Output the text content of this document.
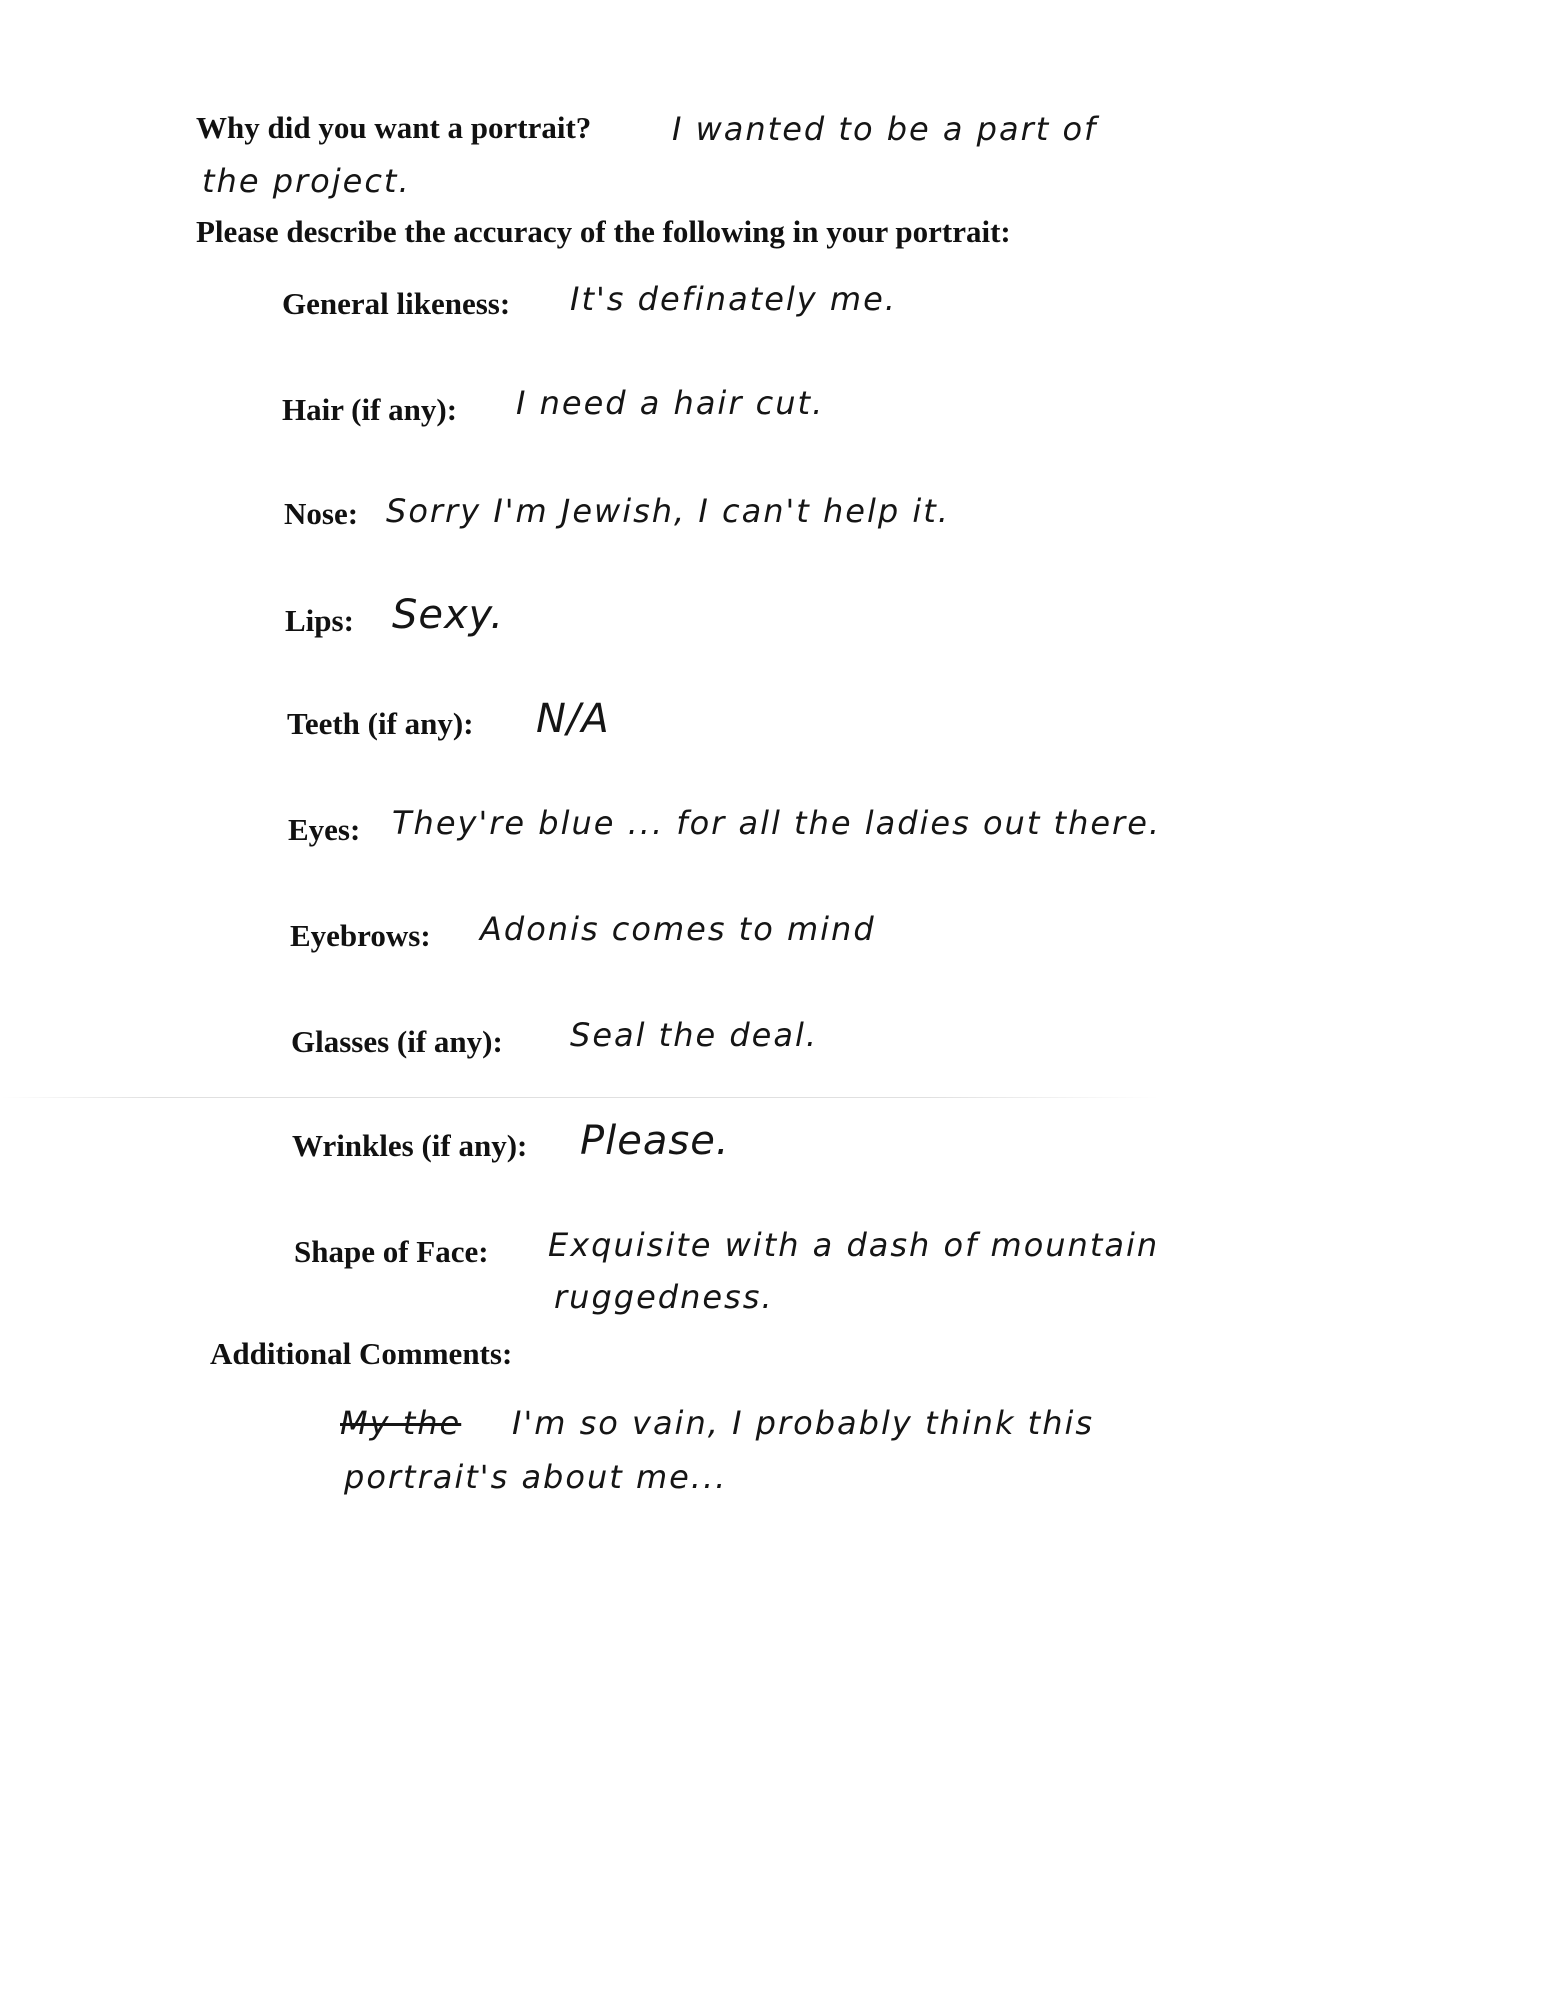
Why did you want a portrait?	I wanted to be a part of
the project.
Please describe the accuracy of the following in your portrait:
General likeness: It's definately me.
Hair (if any): I need a hair cut.
Nose: Sorry I'm Jewish, I can't help it.
Lips: Sexy.
Teeth (if any): N/A
Eyes: They're blue ... for all the ladies out there.
Eyebrows: Adonis comes to mind
Glasses (if any): Seal the deal.
Wrinkles (if any): Please.
Shape of Face: Exquisite with a dash of mountain
ruggedness.
Additional Comments:
My the I'm so vain, I probably think this
portrait's about me...
